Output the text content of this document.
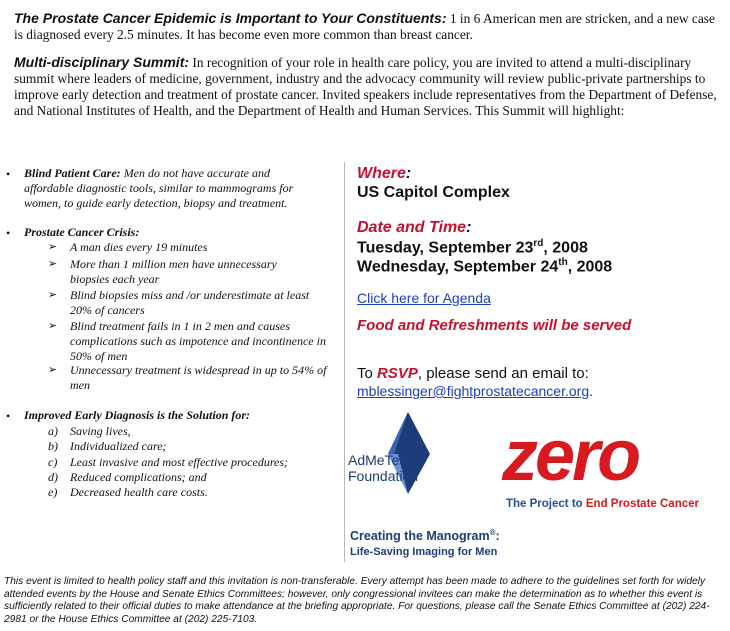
The Prostate Cancer Epidemic is Important to Your Constituents: 1 in 6 American men are stricken, and a new case is diagnosed every 2.5 minutes. It has become even more common than breast cancer.
Multi-disciplinary Summit: In recognition of your role in health care policy, you are invited to attend a multi-disciplinary summit where leaders of medicine, government, industry and the advocacy community will review public-private partnerships to improve early detection and treatment of prostate cancer. Invited speakers include representatives from the Department of Defense, and National Institutes of Health, and the Department of Health and Human Services. This Summit will highlight:
• Blind Patient Care: Men do not have accurate and
affordable diagnostic tools, similar to mammograms for
women, to guide early detection, biopsy and treatment.
• Prostate Cancer Crisis:
➢ A man dies every 19 minutes
➢ More than 1 million men have unnecessary biopsies each year
➢ Blind biopsies miss and /or underestimate at least 20% of cancers
➢ Blind treatment fails in 1 in 2 men and causes complications such as impotence and incontinence in 50% of men
➢ Unnecessary treatment is widespread in up to 54% of men
• Improved Early Diagnosis is the Solution for:
a) Saving lives,
b) Individualized care;
c) Least invasive and most effective procedures;
d) Reduced complications; and
e) Decreased health care costs.
Where:
US Capitol Complex
Date and Time:
Tuesday, September 23rd, 2008
Wednesday, September 24th, 2008
Click here for Agenda
Food and Refreshments will be served
To RSVP, please send an email to:
mblessinger@fightprostatecancer.org.
AdMeTech
Foundation zero
The Project to End Prostate Cancer
Creating the Manogram®:
Life-Saving Imaging for Men
This event is limited to health policy staff and this invitation is non-transferable. Every attempt has been made to adhere to the guidelines set forth for widely attended events by the House and Senate Ethics Committees; however, only congressional invitees can make the determination as to whether this event is sufficiently related to their official duties to make attendance at the briefing appropriate. For questions, please call the Senate Ethics Committee at (202) 224-2981 or the House Ethics Committee at (202) 225-7103.
